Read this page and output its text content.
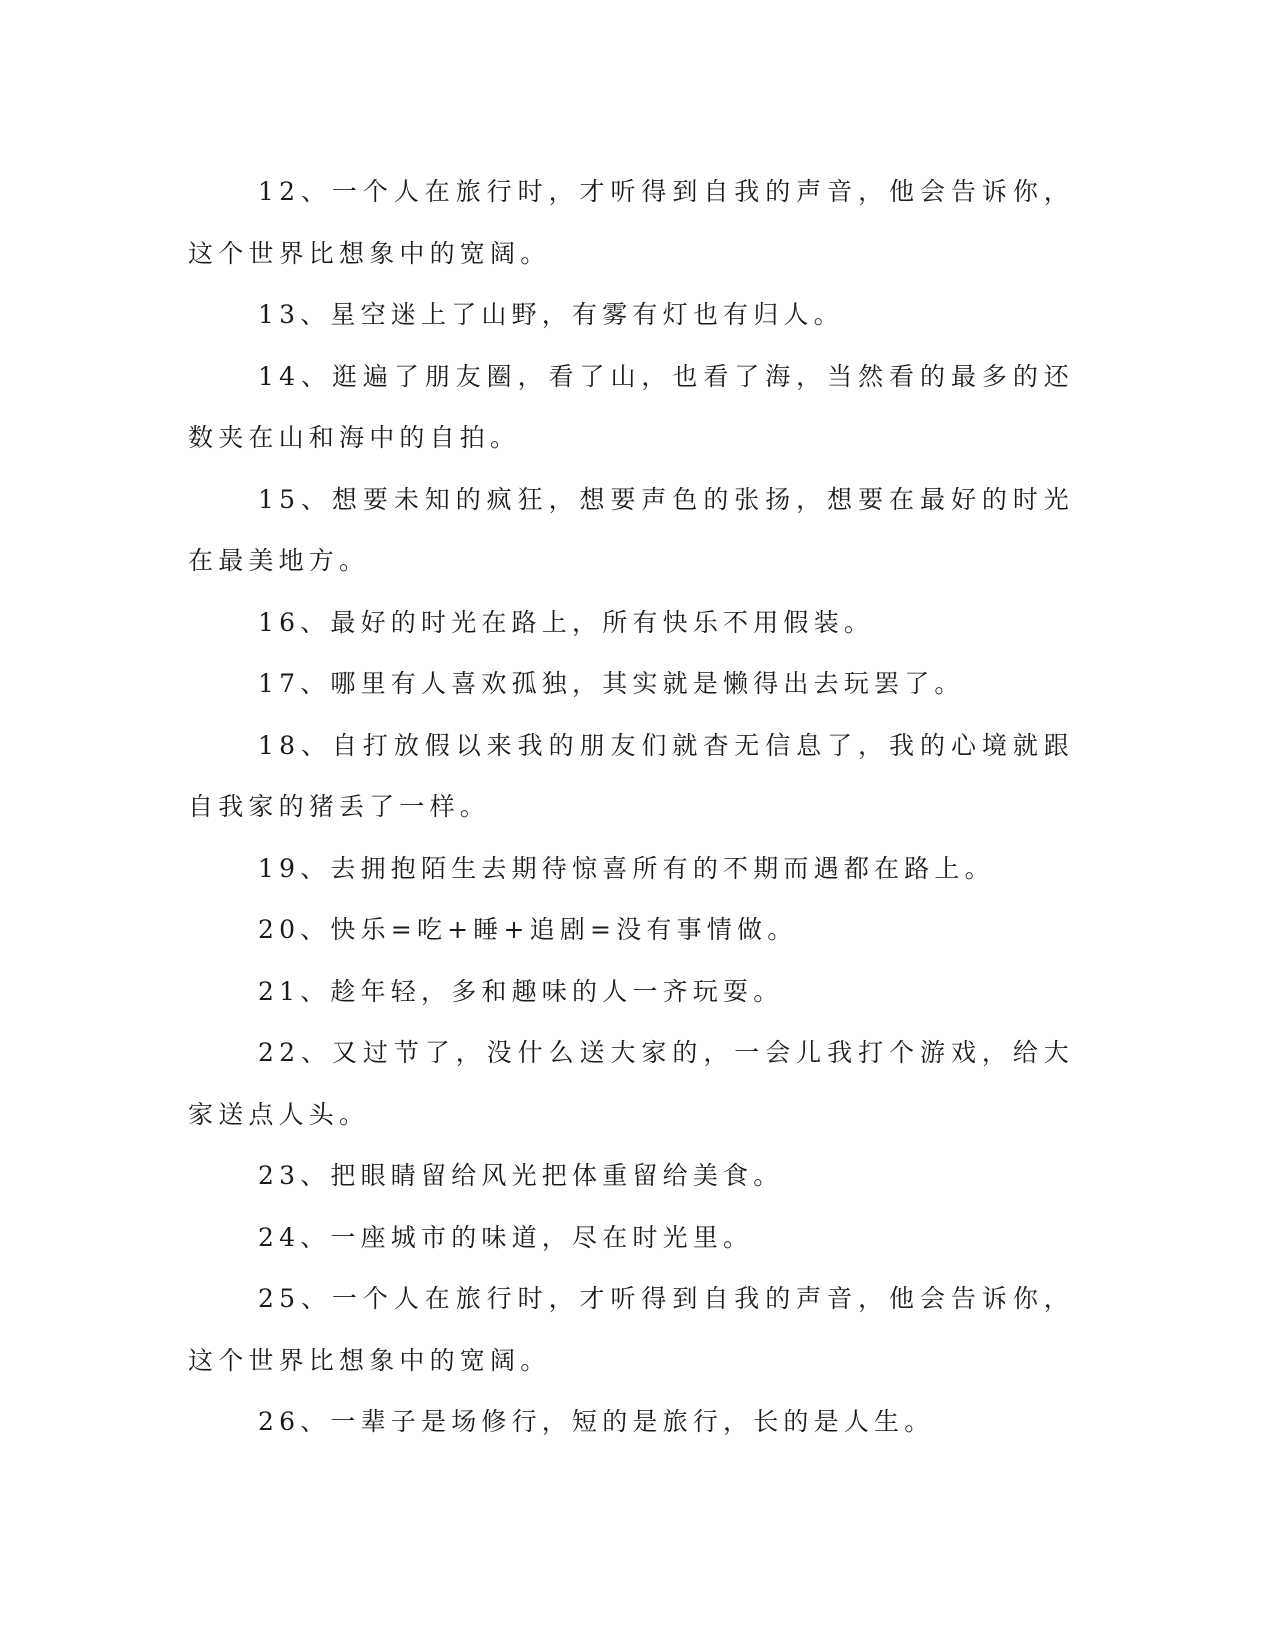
12、一个人在旅行时，才听得到自我的声音，他会告诉你，这个世界比想象中的宽阔。

13、星空迷上了山野，有雾有灯也有归人。

14、逛遍了朋友圈，看了山，也看了海，当然看的最多的还数夹在山和海中的自拍。

15、想要未知的疯狂，想要声色的张扬，想要在最好的时光在最美地方。

16、最好的时光在路上，所有快乐不用假装。

17、哪里有人喜欢孤独，其实就是懒得出去玩罢了。

18、自打放假以来我的朋友们就杳无信息了，我的心境就跟自我家的猪丢了一样。

19、去拥抱陌生去期待惊喜所有的不期而遇都在路上。

20、快乐=吃+睡+追剧=没有事情做。

21、趁年轻，多和趣味的人一齐玩耍。

22、又过节了，没什么送大家的，一会儿我打个游戏，给大家送点人头。

23、把眼睛留给风光把体重留给美食。

24、一座城市的味道，尽在时光里。

25、一个人在旅行时，才听得到自我的声音，他会告诉你，这个世界比想象中的宽阔。

26、一辈子是场修行，短的是旅行，长的是人生。
